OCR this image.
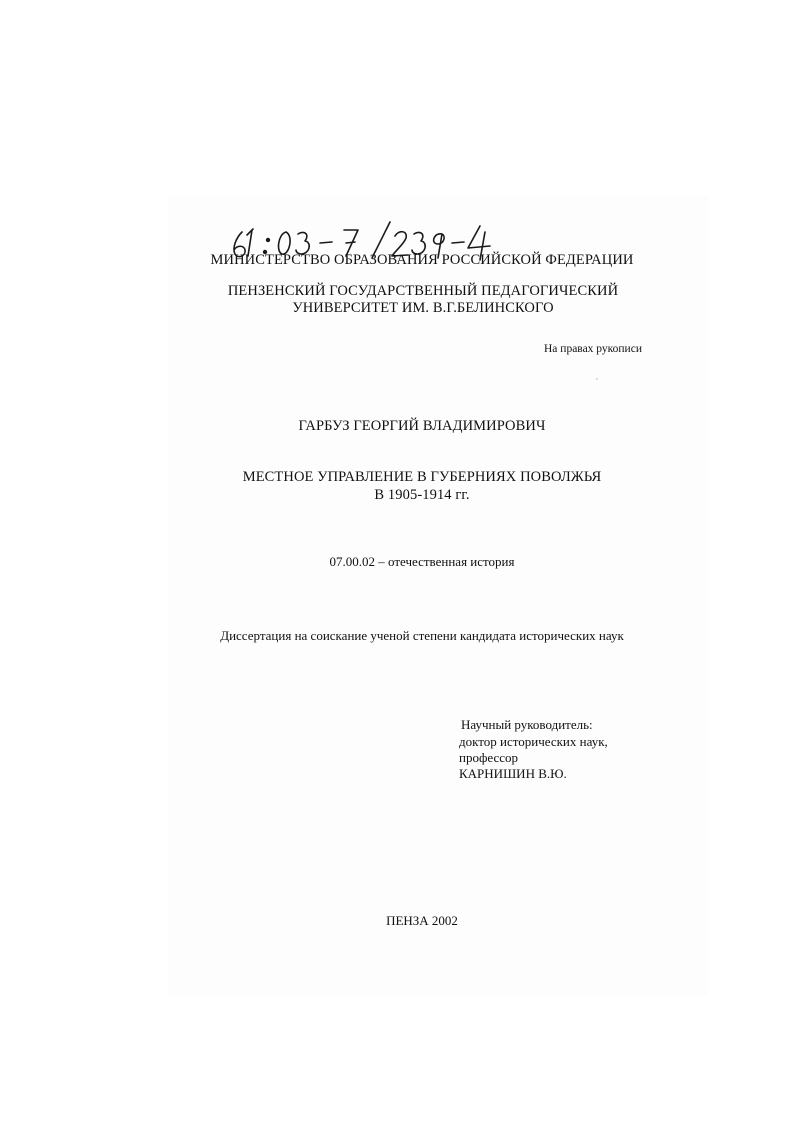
МИНИСТЕРСТВО ОБРАЗОВАНИЯ РОССИЙСКОЙ ФЕДЕРАЦИИ
ПЕНЗЕНСКИЙ ГОСУДАРСТВЕННЫЙ ПЕДАГОГИЧЕСКИЙ
УНИВЕРСИТЕТ ИМ. В.Г.БЕЛИНСКОГО
На правах рукописи
ГАРБУЗ ГЕОРГИЙ ВЛАДИМИРОВИЧ
МЕСТНОЕ УПРАВЛЕНИЕ В ГУБЕРНИЯХ ПОВОЛЖЬЯ
В 1905-1914 гг.
07.00.02 – отечественная история
Диссертация на соискание ученой степени кандидата исторических наук
Научный руководитель:
доктор исторических наук,
профессор
КАРНИШИН В.Ю.
ПЕНЗА 2002
